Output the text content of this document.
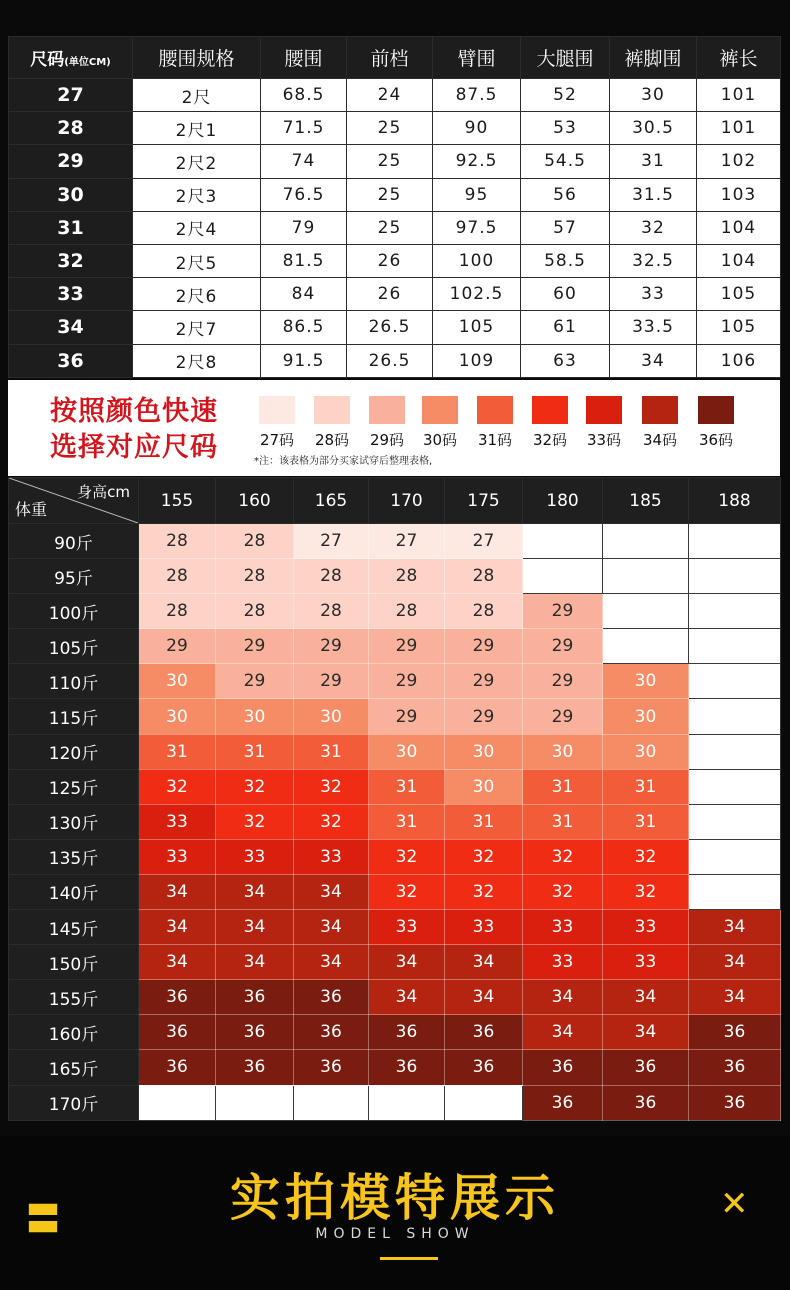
尺码(单位CM)	腰围规格	腰围	前档	臂围	大腿围	裤脚围	裤长
27	2尺	68.5	24	87.5	52	30	101
28	2尺1	71.5	25	90	53	30.5	101
29	2尺2	74	25	92.5	54.5	31	102
30	2尺3	76.5	25	95	56	31.5	103
31	2尺4	79	25	97.5	57	32	104
32	2尺5	81.5	26	100	58.5	32.5	104
33	2尺6	84	26	102.5	60	33	105
34	2尺7	86.5	26.5	105	61	33.5	105
36	2尺8	91.5	26.5	109	63	34	106
按照颜色快速
选择对应尺码	27码	28码	29码	30码	31码	32码	33码	34码	36码
*注：该表格为部分买家试穿后整理表格,
身高cm
体重	155	160	165	170	175	180	185	188
90斤	28	28	27	27	27			
95斤	28	28	28	28	28			
100斤	28	28	28	28	28	29		
105斤	29	29	29	29	29	29		
110斤	30	29	29	29	29	29	30	
115斤	30	30	30	29	29	29	30	
120斤	31	31	31	30	30	30	30	
125斤	32	32	32	31	30	31	31	
130斤	33	32	32	31	31	31	31	
135斤	33	33	33	32	32	32	32	
140斤	34	34	34	32	32	32	32	
145斤	34	34	34	33	33	33	33	34
150斤	34	34	34	34	34	33	33	34
155斤	36	36	36	34	34	34	34	34
160斤	36	36	36	36	36	34	34	36
165斤	36	36	36	36	36	36	36	36
170斤						36	36	36
〓	实拍模特展示
MODEL SHOW
✕
